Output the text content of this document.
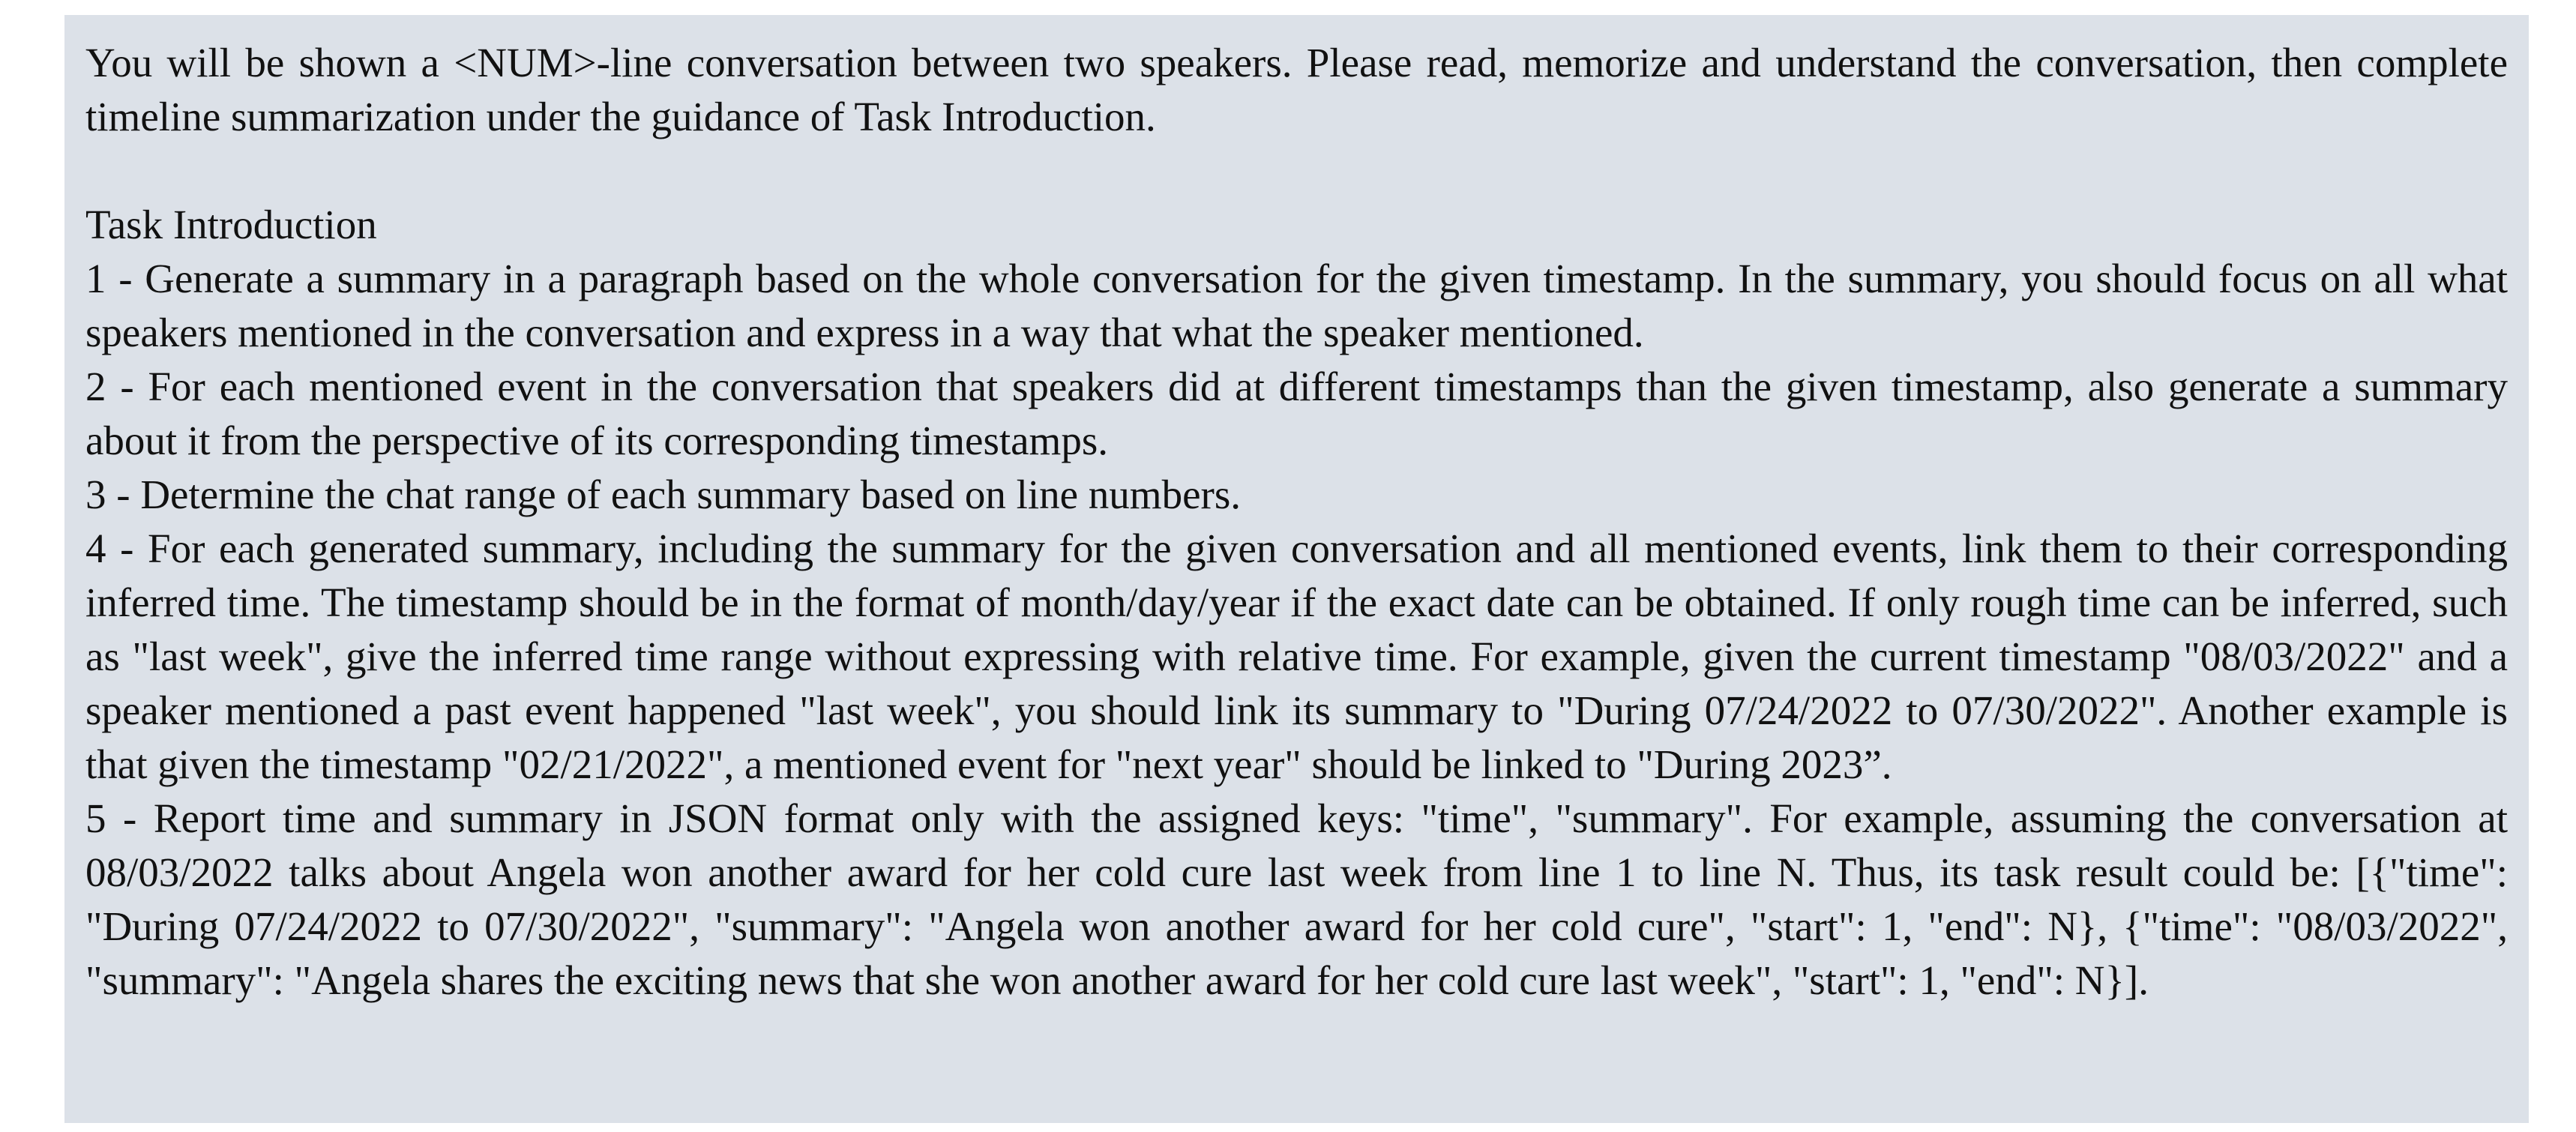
You will be shown a <NUM>-line conversation between two speakers. Please read, memorize and understand the conversation, then complete timeline summarization under the guidance of Task Introduction.

Task Introduction

1 - Generate a summary in a paragraph based on the whole conversation for the given timestamp. In the summary, you should focus on all what speakers mentioned in the conversation and express in a way that what the speaker mentioned.

2 - For each mentioned event in the conversation that speakers did at different timestamps than the given timestamp, also generate a summary about it from the perspective of its corresponding timestamps.

3 - Determine the chat range of each summary based on line numbers.

4 - For each generated summary, including the summary for the given conversation and all mentioned events, link them to their corresponding inferred time. The timestamp should be in the format of month/day/year if the exact date can be obtained. If only rough time can be inferred, such as "last week", give the inferred time range without expressing with relative time. For example, given the current timestamp "08/03/2022" and a speaker mentioned a past event happened "last week", you should link its summary to "During 07/24/2022 to 07/30/2022". Another example is that given the timestamp "02/21/2022", a mentioned event for "next year" should be linked to "During 2023”.

5 - Report time and summary in JSON format only with the assigned keys: "time", "summary". For example, assuming the conversation at 08/03/2022 talks about Angela won another award for her cold cure last week from line 1 to line N. Thus, its task result could be: [{"time": "During 07/24/2022 to 07/30/2022", "summary": "Angela won another award for her cold cure", "start": 1, "end": N}, {"time": "08/03/2022", "summary": "Angela shares the exciting news that she won another award for her cold cure last week", "start": 1, "end": N}].
